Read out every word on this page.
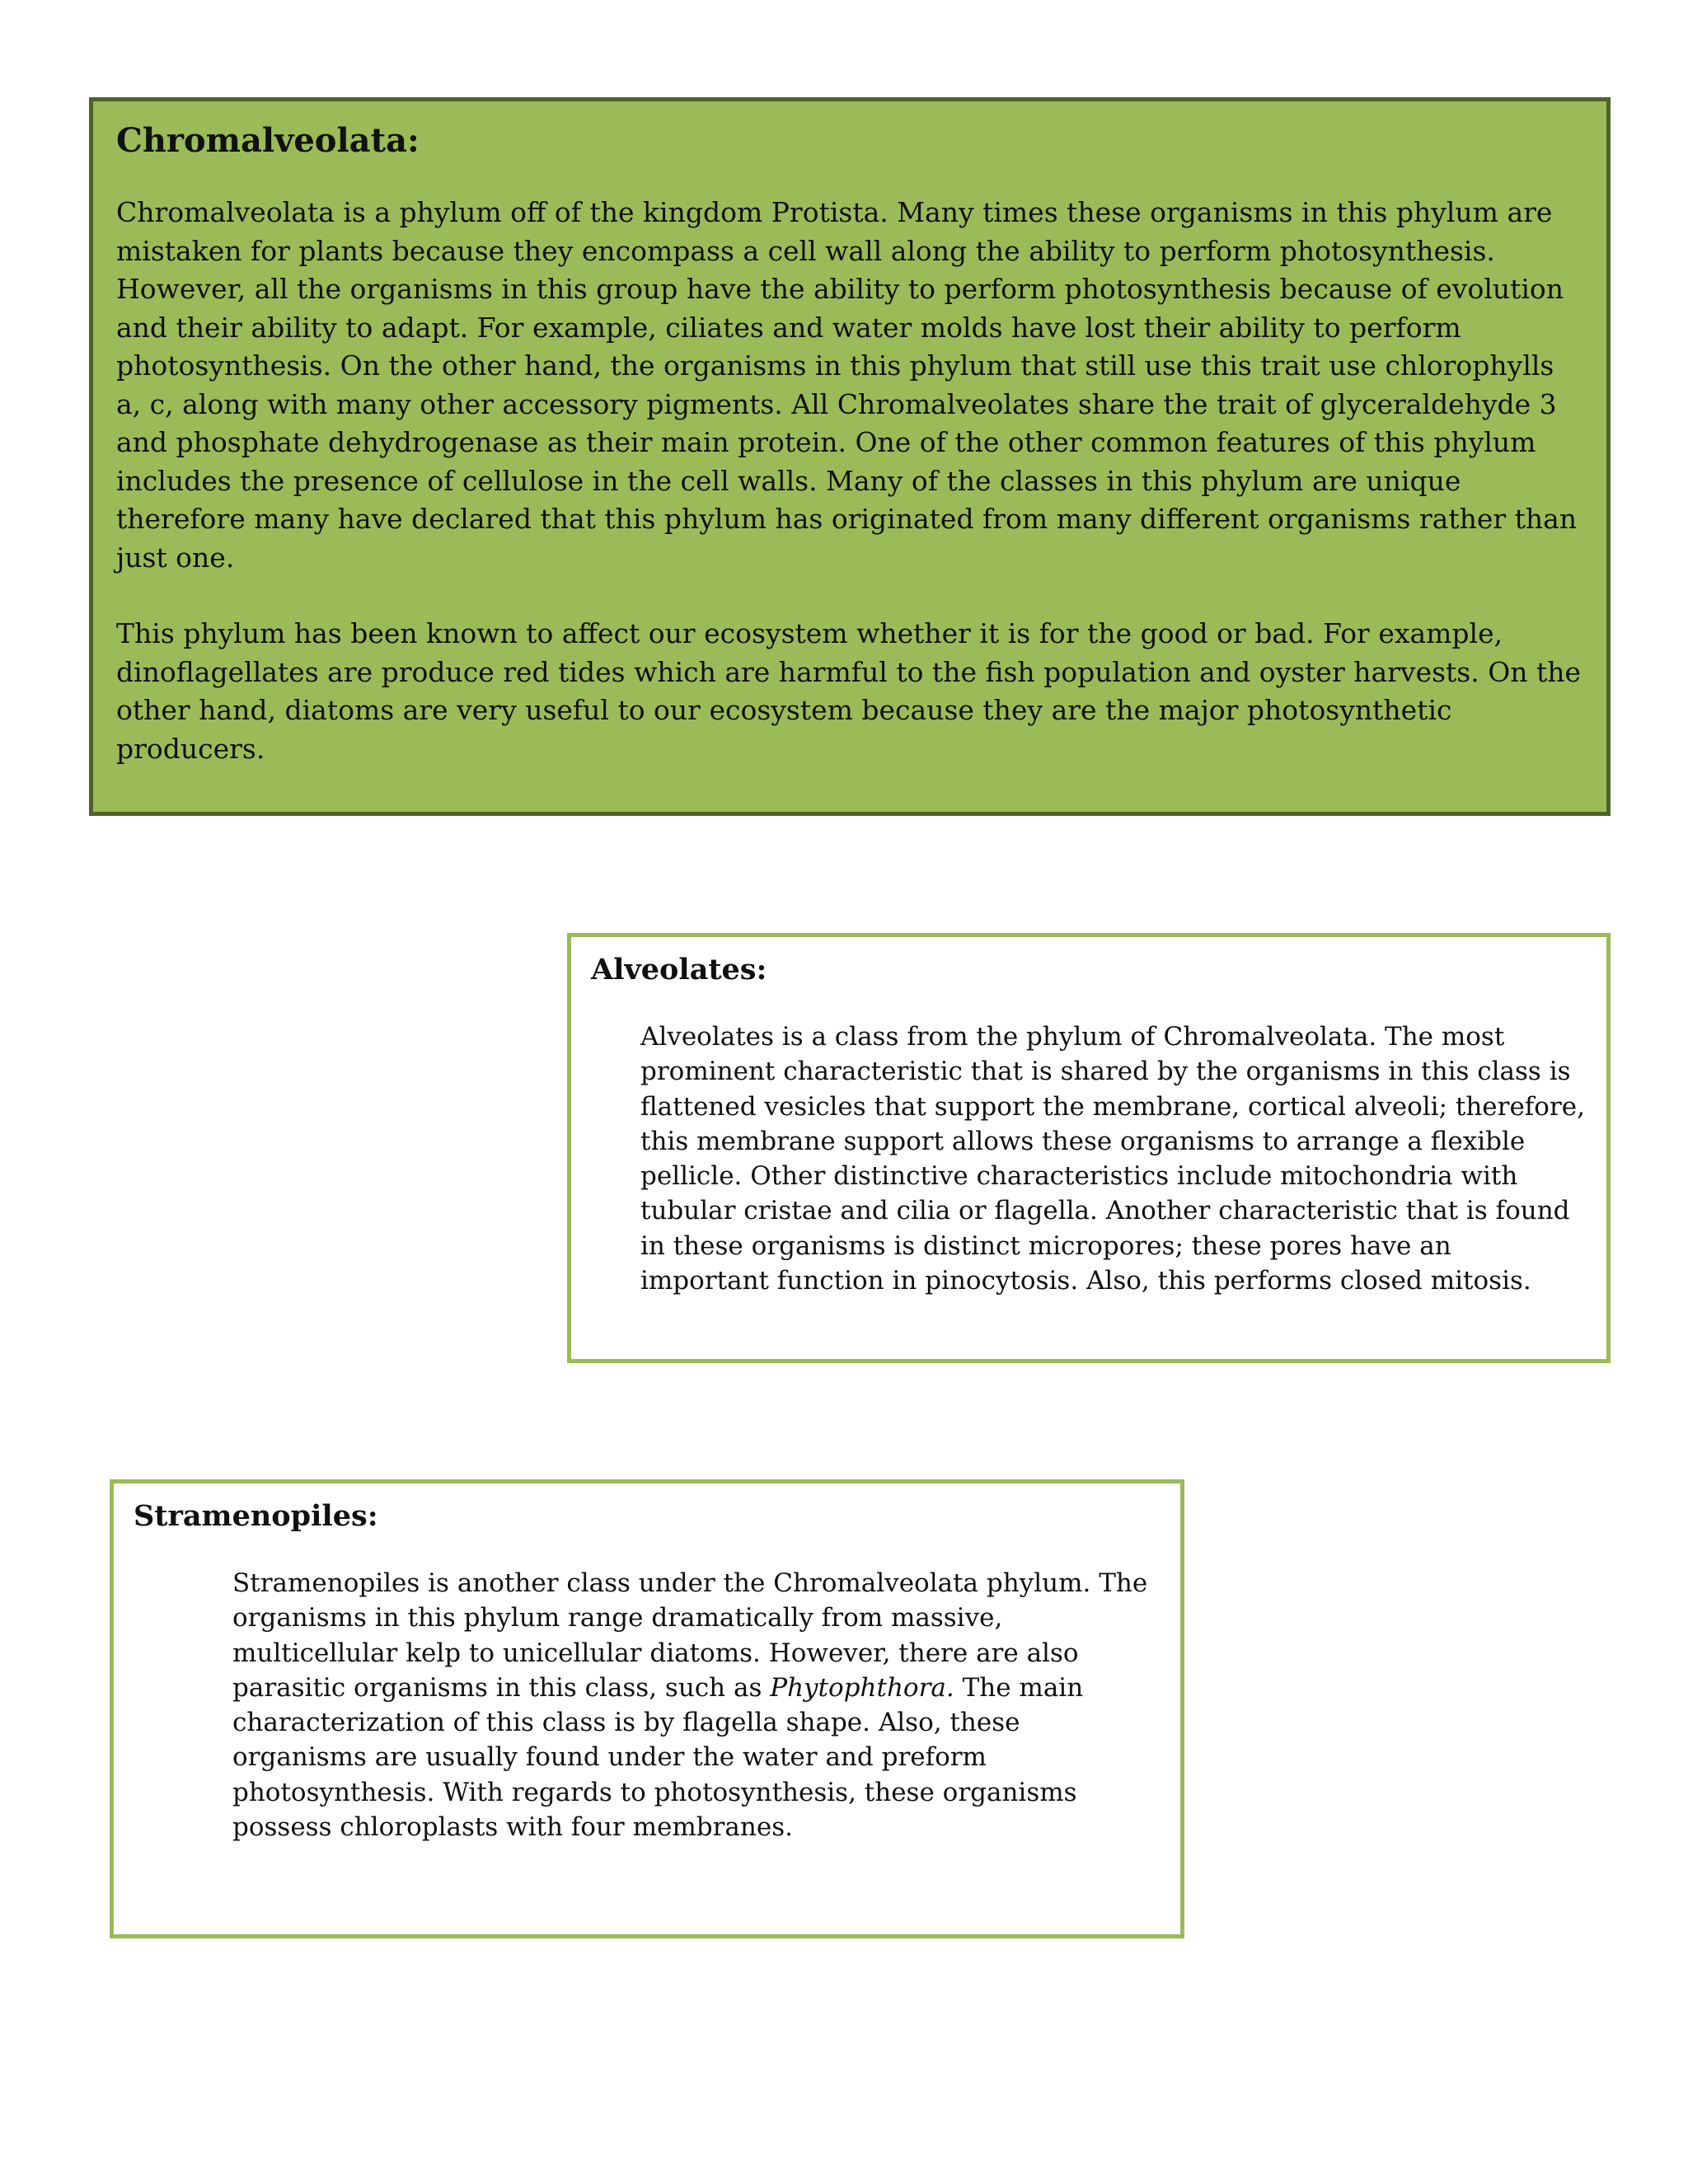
Chromalveolata:

Chromalveolata is a phylum off of the kingdom Protista. Many times these organisms in this phylum are mistaken for plants because they encompass a cell wall along the ability to perform photosynthesis. However, all the organisms in this group have the ability to perform photosynthesis because of evolution and their ability to adapt. For example, ciliates and water molds have lost their ability to perform photosynthesis. On the other hand, the organisms in this phylum that still use this trait use chlorophylls a, c, along with many other accessory pigments. All Chromalveolates share the trait of glyceraldehyde 3 and phosphate dehydrogenase as their main protein. One of the other common features of this phylum includes the presence of cellulose in the cell walls. Many of the classes in this phylum are unique therefore many have declared that this phylum has originated from many different organisms rather than just one.

This phylum has been known to affect our ecosystem whether it is for the good or bad. For example, dinoflagellates are produce red tides which are harmful to the fish population and oyster harvests. On the other hand, diatoms are very useful to our ecosystem because they are the major photosynthetic producers.

Alveolates:

Alveolates is a class from the phylum of Chromalveolata. The most prominent characteristic that is shared by the organisms in this class is flattened vesicles that support the membrane, cortical alveoli; therefore, this membrane support allows these organisms to arrange a flexible pellicle. Other distinctive characteristics include mitochondria with tubular cristae and cilia or flagella. Another characteristic that is found in these organisms is distinct micropores; these pores have an important function in pinocytosis. Also, this performs closed mitosis.

Stramenopiles:

Stramenopiles is another class under the Chromalveolata phylum. The organisms in this phylum range dramatically from massive, multicellular kelp to unicellular diatoms. However, there are also parasitic organisms in this class, such as Phytophthora. The main characterization of this class is by flagella shape. Also, these organisms are usually found under the water and preform photosynthesis. With regards to photosynthesis, these organisms possess chloroplasts with four membranes.
